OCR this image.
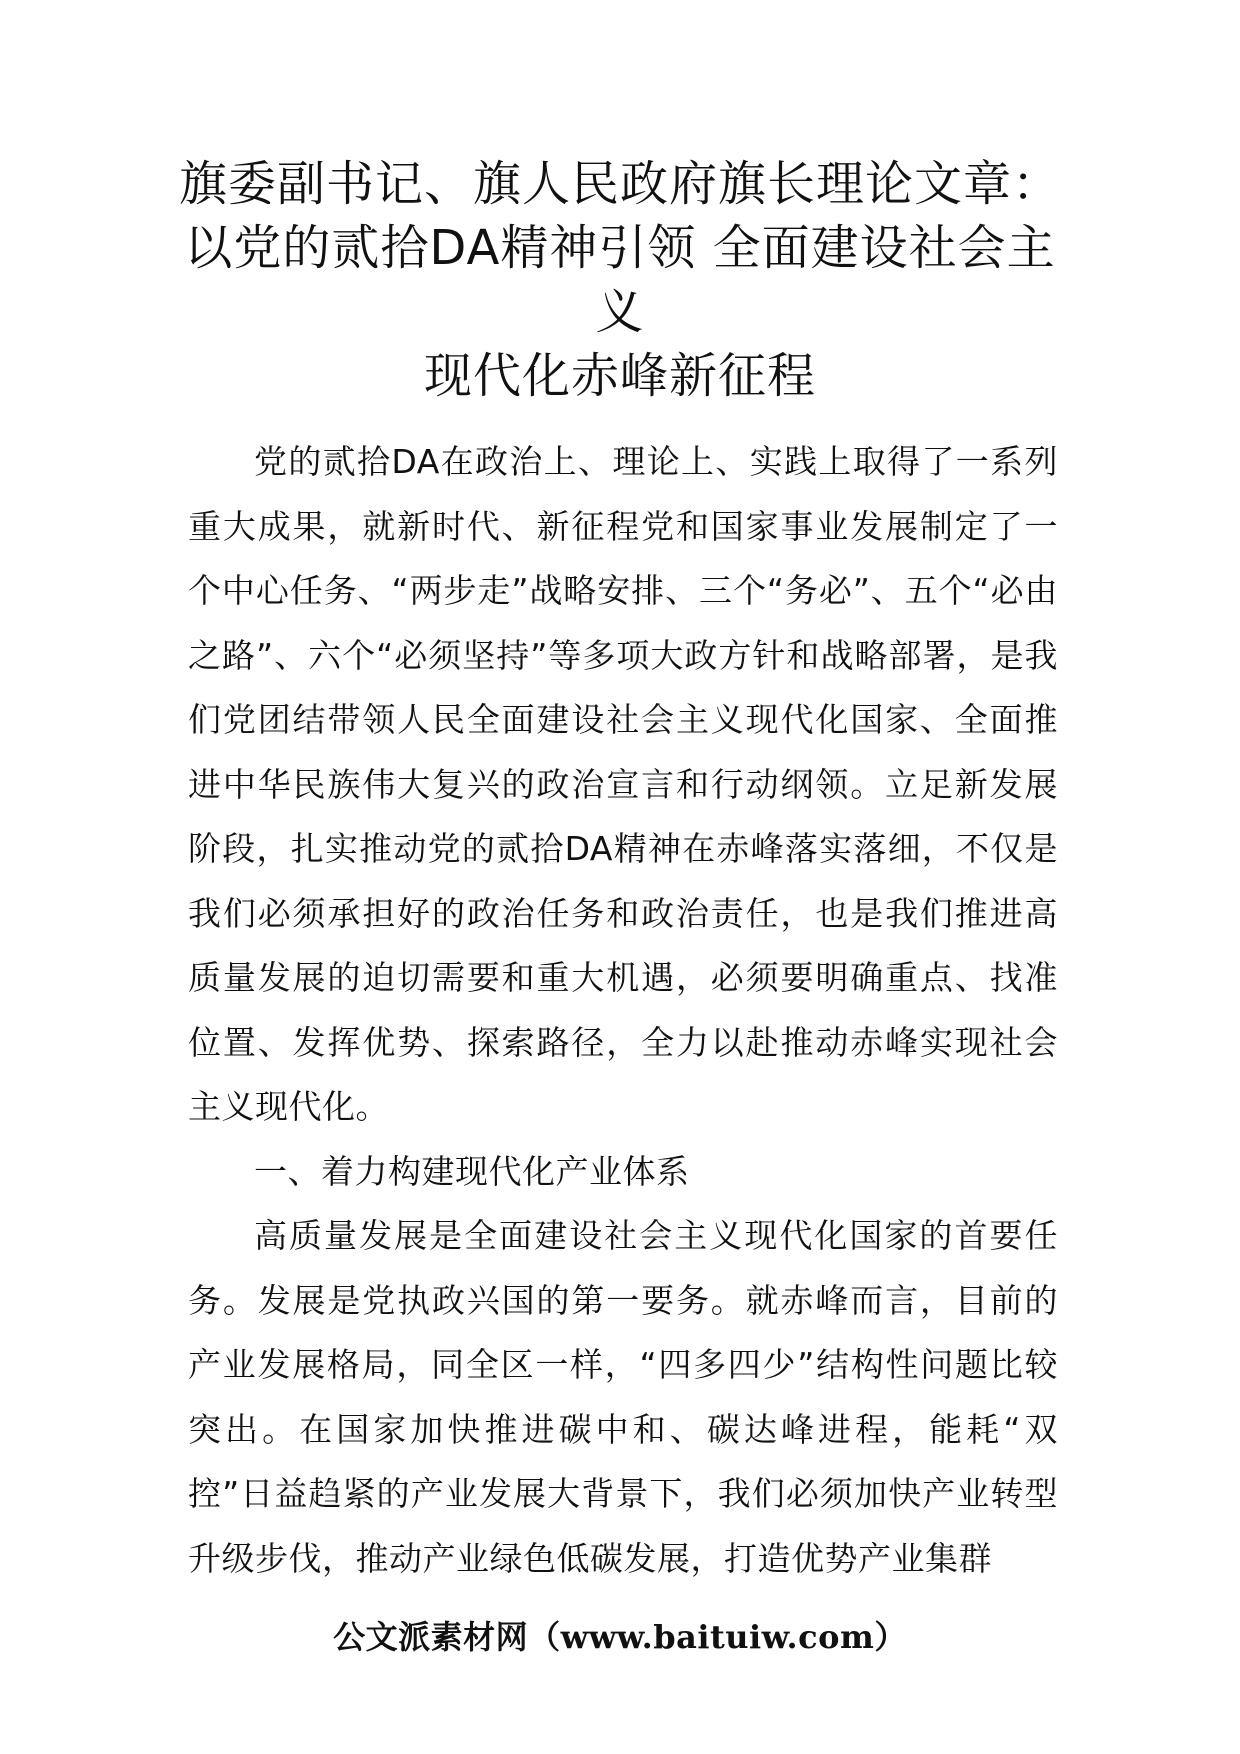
旗委副书记、旗人民政府旗长理论文章：
以党的贰拾DA精神引领 全面建设社会主
义
现代化赤峰新征程

党的贰拾DA在政治上、理论上、实践上取得了一系列重大成果，就新时代、新征程党和国家事业发展制定了一个中心任务、“两步走”战略安排、三个“务必”、五个“必由之路”、六个“必须坚持”等多项大政方针和战略部署，是我们党团结带领人民全面建设社会主义现代化国家、全面推进中华民族伟大复兴的政治宣言和行动纲领。立足新发展阶段，扎实推动党的贰拾DA精神在赤峰落实落细，不仅是我们必须承担好的政治任务和政治责任，也是我们推进高质量发展的迫切需要和重大机遇，必须要明确重点、找准位置、发挥优势、探索路径，全力以赴推动赤峰实现社会主义现代化。

一、着力构建现代化产业体系

高质量发展是全面建设社会主义现代化国家的首要任务。发展是党执政兴国的第一要务。就赤峰而言，目前的产业发展格局，同全区一样，“四多四少”结构性问题比较突出。在国家加快推进碳中和、碳达峰进程，能耗“双控”日益趋紧的产业发展大背景下，我们必须加快产业转型升级步伐，推动产业绿色低碳发展，打造优势产业集群

公文派素材网（www.baituiw.com）
